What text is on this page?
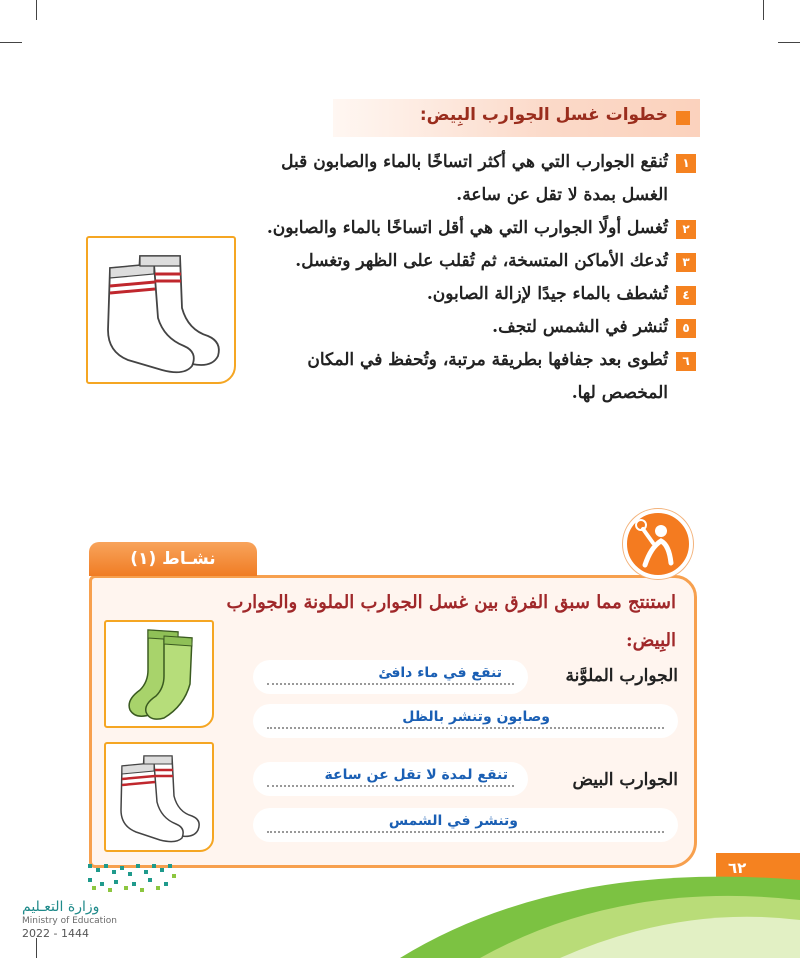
خطوات غسل الجوارب البِيض:
١
تُنقع الجوارب التي هي أكثر اتساخًا بالماء والصابون قبل الغسل بمدة لا تقل عن ساعة.
٢
تُغسل أولًا الجوارب التي هي أقل اتساخًا بالماء والصابون.
٣
تُدعك الأماكن المتسخة، ثم تُقلب على الظهر وتغسل.
٤
تُشطف بالماء جيدًا لإزالة الصابون.
٥
تُنشر في الشمس لتجف.
٦
تُطوى بعد جفافها بطريقة مرتبة، وتُحفظ في المكان المخصص لها.
نشـاط (١)
استنتج مما سبق الفرق بين غسل الجوارب الملونة والجوارب
البِيض:
الجوارب الملوَّنة
تنقع في ماء دافئ
وصابون وتنشر بالظل
الجوارب البيض
تنقع لمدة لا تقل عن ساعة
وتنشر في الشمس
٦٢
وزارة التعـليم
Ministry of Education
2022 - 1444
